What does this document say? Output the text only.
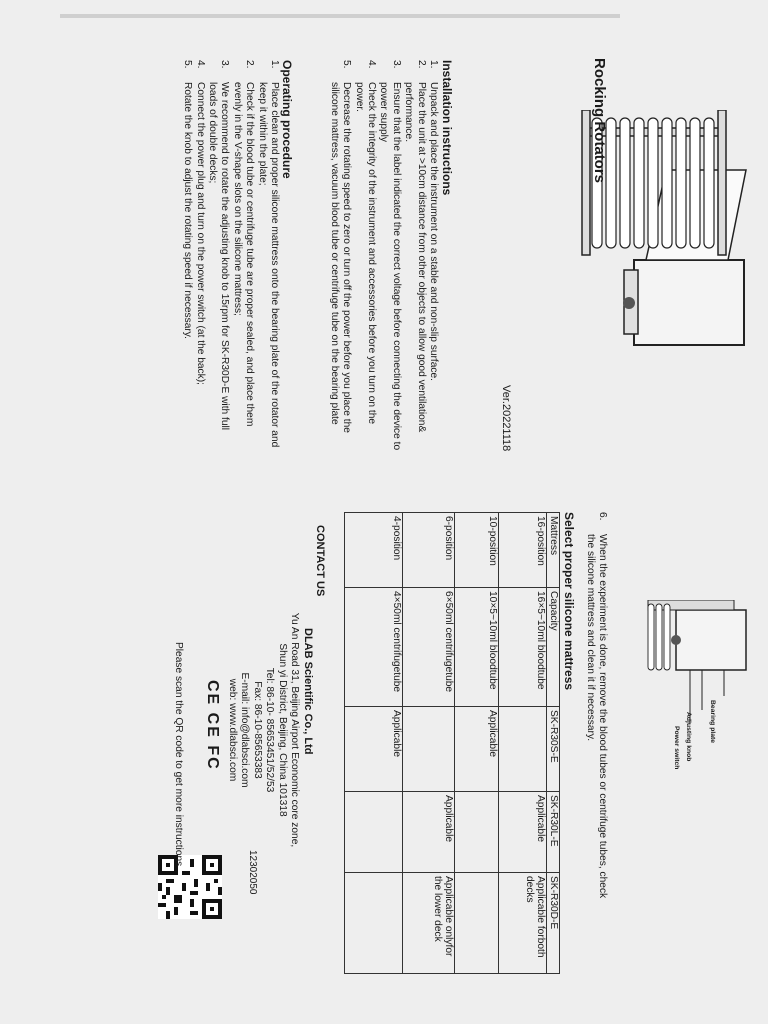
Bearing plate
Adjusting knob
Power switch
Rocking Rotators
Ver.20221118
Installation instructions
1.
Unpack and place the instrument on a stable and non-slip surface.
2.
Place the unit at >10cm distance from other objects to allow good ventilation& performance.
3.
Ensure that the label indicated the correct voltage before connecting the device to power supply
4.
Check the integrity of the instrument and accessories before you turn on the power.
5.
Decrease the rotating speed to zero or turn off the power before you place the silicone mattress, vacuum blood tube or centrifuge tube on the bearing plate
Operating procedure
1.
Place clean and proper silicone mattress onto the bearing plate of the rotator and keep it within the plate;
2.
Check if the blood tube or centrifuge tube are proper sealed, and place them evenly in the V-shape slots on the silicone mattress;
3.
We recommend to rotate the adjusting knob to 15rpm for SK-R30D-E with full loads of double decks;
4.
Connect the power plug and turn on the power switch (at the back);
5.
Rotate the knob to adjust the rotating speed if necessary.
6.
When the experiment is done, remove the blood tubes or centrifuge tubes, check the silicone mattress and clean it if necessary.
Select proper silicone mattress
Mattress	Capacity	SK-R30S-E	SK-R30L-E	SK-R30D-E
16-position	16×5~10ml bloodtube		Applicable	Applicable forboth decks
10-position	10×5~10ml bloodtube	Applicable		
6-position	6×50ml centrifugetube		Applicable	Applicable onlyfor the lower deck
4-position	4×50ml centrifugetube	Applicable		
CONTACT US
DLAB Scientific Co., Ltd
Yu An Road 31, Beijing Airport Economic core zone, Shun yi District, Beijing, China 101318
Tel: 86-10- 85653451/52/53
Fax: 86-10-85653383
E-mail: info@dlabsci.com
web: www.dlabsci.com
CE CE FC
12302050
Please scan the QR code to get more instructions
